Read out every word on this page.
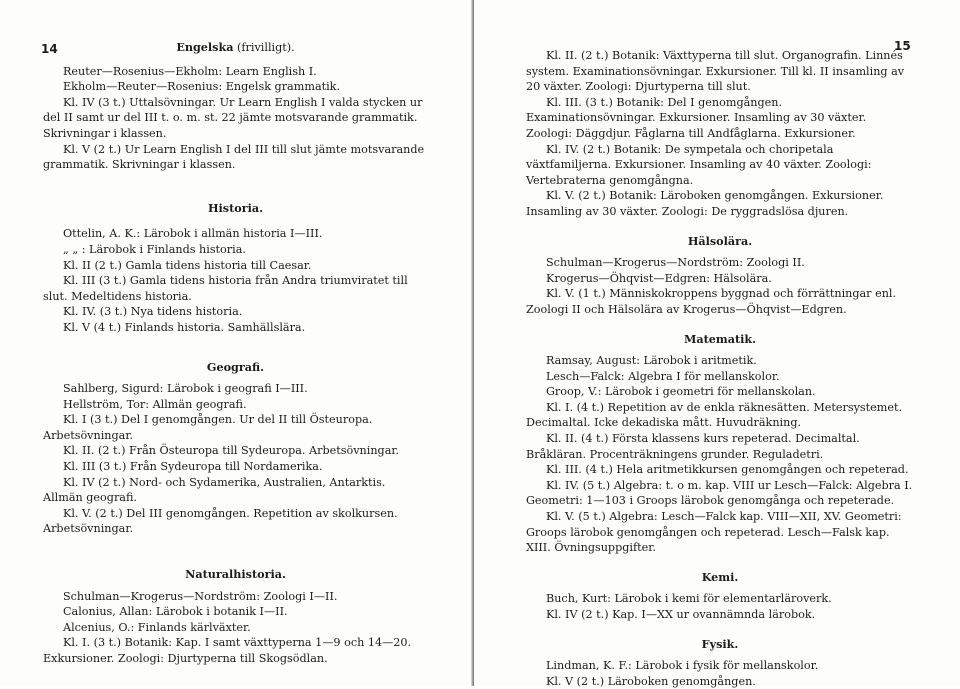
14	Engelska (frivilligt).

Reuter—Rosenius—Ekholm: Learn English I.

Ekholm—Reuter—Rosenius: Engelsk grammatik.

Kl. IV (3 t.) Uttalsövningar. Ur Learn English I valda stycken ur del II samt ur del III t. o. m. st. 22 jämte motsvarande grammatik. Skrivningar i klassen.

Kl. V (2 t.) Ur Learn English I del III till slut jämte motsvarande grammatik. Skrivningar i klassen.

Historia.

Ottelin, A. K.: Lärobok i allmän historia I—III.

„ „ : Lärobok i Finlands historia.

Kl. II (2 t.) Gamla tidens historia till Caesar.

Kl. III (3 t.) Gamla tidens historia från Andra triumviratet till slut. Medeltidens historia.

Kl. IV. (3 t.) Nya tidens historia.

Kl. V (4 t.) Finlands historia. Samhällslära.

Geografi.

Sahlberg, Sigurd: Lärobok i geografi I—III.

Hellström, Tor: Allmän geografi.

Kl. I (3 t.) Del I genomgången. Ur del II till Östeuropa. Arbetsövningar.

Kl. II. (2 t.) Från Östeuropa till Sydeuropa. Arbetsövningar.

Kl. III (3 t.) Från Sydeuropa till Nordamerika.

Kl. IV (2 t.) Nord- och Sydamerika, Australien, Antarktis. Allmän geografi.

Kl. V. (2 t.) Del III genomgången. Repetition av skolkursen. Arbetsövningar.

Naturalhistoria.

Schulman—Krogerus—Nordström: Zoologi I—II.

Calonius, Allan: Lärobok i botanik I—II.

Alcenius, O.: Finlands kärlväxter.

Kl. I. (3 t.) Botanik: Kap. I samt växttyperna 1—9 och 14—20. Exkursioner. Zoologi: Djurtyperna till Skogsödlan.

15

Kl. II. (2 t.) Botanik: Växttyperna till slut. Organografin. Linnés system. Examinationsövningar. Exkursioner. Till kl. II insamling av 20 växter. Zoologi: Djurtyperna till slut.

Kl. III. (3 t.) Botanik: Del I genomgången. Examinationsövningar. Exkursioner. Insamling av 30 växter. Zoologi: Däggdjur. Fåglarna till Andfåglarna. Exkursioner.

Kl. IV. (2 t.) Botanik: De sympetala och choripetala växtfamiljerna. Exkursioner. Insamling av 40 växter. Zoologi: Vertebraterna genomgångna.

Kl. V. (2 t.) Botanik: Läroboken genomgången. Exkursioner. Insamling av 30 växter. Zoologi: De ryggradslösa djuren.

Hälsolära.

Schulman—Krogerus—Nordström: Zoologi II.

Krogerus—Öhqvist—Edgren: Hälsolära.

Kl. V. (1 t.) Människokroppens byggnad och förrättningar enl. Zoologi II och Hälsolära av Krogerus—Öhqvist—Edgren.

Matematik.

Ramsay, August: Lärobok i aritmetik.

Lesch—Falck: Algebra I för mellanskolor.

Groop, V.: Lärobok i geometri för mellanskolan.

Kl. I. (4 t.) Repetition av de enkla räknesätten. Metersystemet. Decimaltal. Icke dekadiska mått. Huvudräkning.

Kl. II. (4 t.) Första klassens kurs repeterad. Decimaltal. Bråkläran. Procenträkningens grunder. Reguladetri.

Kl. III. (4 t.) Hela aritmetikkursen genomgången och repeterad.

Kl. IV. (5 t.) Algebra: t. o m. kap. VIII ur Lesch—Falck: Algebra I. Geometri: 1—103 i Groops lärobok genomgånga och repeterade.

Kl. V. (5 t.) Algebra: Lesch—Falck kap. VIII—XII, XV. Geometri: Groops lärobok genomgången och repeterad. Lesch—Falsk kap. XIII. Övningsuppgifter.

Kemi.

Buch, Kurt: Lärobok i kemi för elementarläroverk.

Kl. IV (2 t.) Kap. I—XX ur ovannämnda lärobok.

Fysik.

Lindman, K. F.: Lärobok i fysik för mellanskolor.

Kl. V (2 t.) Läroboken genomgången.
